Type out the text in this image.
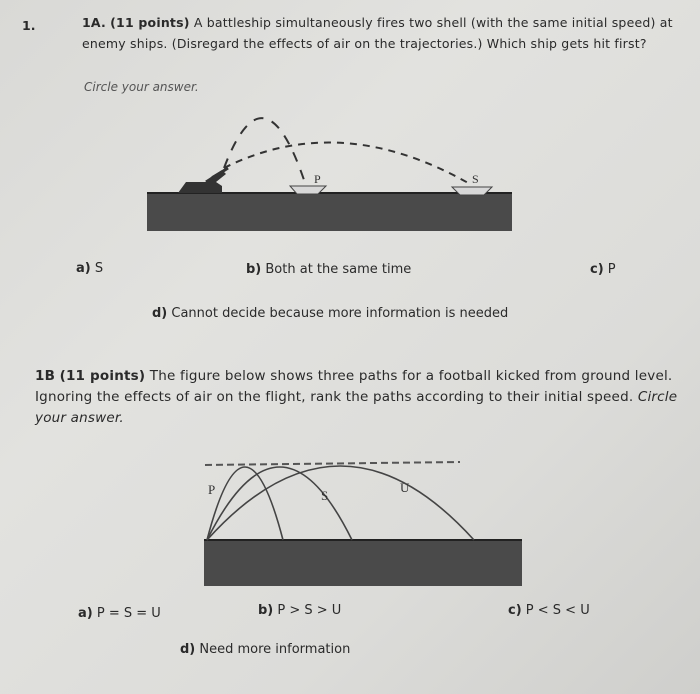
1.	1A. (11 points) A battleship simultaneously fires two shell (with the same initial speed) at enemy ships. (Disregard the effects of air on the trajectories.) Which ship gets hit first?
Circle your answer.
P	S
a) S	b) Both at the same time	c) P
d) Cannot decide because more information is needed
1B (11 points) The figure below shows three paths for a football kicked from ground level. Ignoring the effects of air on the flight, rank the paths according to their initial speed. Circle your answer.
P	S
U
a) P = S = U	b) P > S > U	c) P < S < U
d) Need more information
